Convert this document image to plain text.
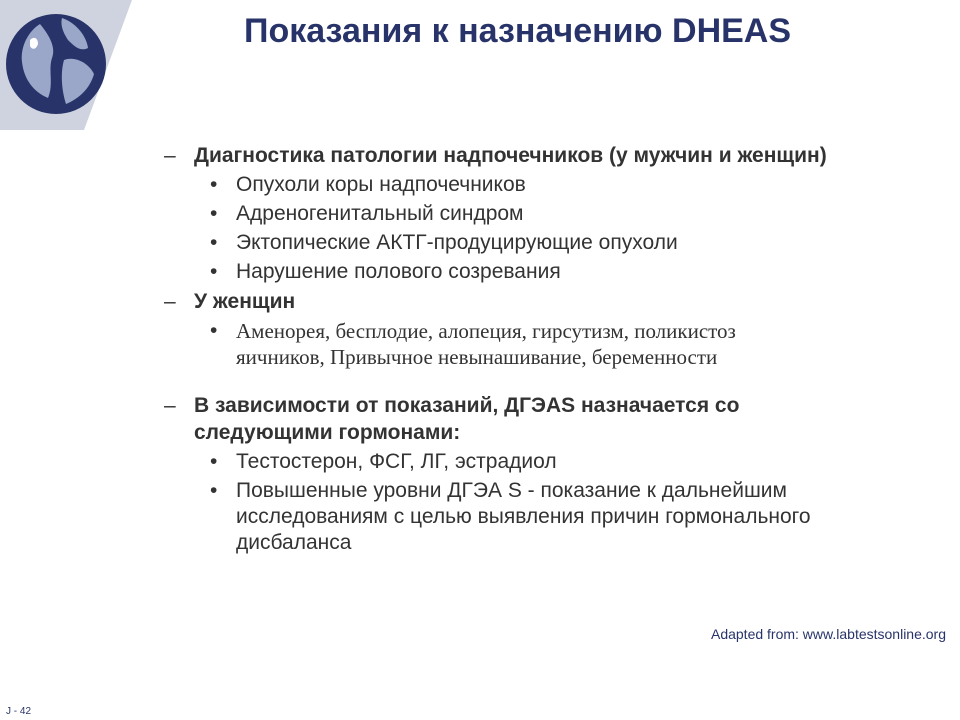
Показания к назначению DHEAS
– Диагностика патологии надпочечников (у мужчин и женщин)
• Опухоли коры надпочечников
• Адреногенитальный синдром
• Эктопические АКТГ-продуцирующие опухоли
• Нарушение полового созревания
– У женщин
• Аменорея, бесплодие, алопеция, гирсутизм, поликистоз яичников, Привычное невынашивание, беременности
– В зависимости от показаний, ДГЭАS назначается со следующими гормонами:
• Тестостерон, ФСГ, ЛГ, эстрадиол
• Повышенные уровни ДГЭА S - показание к дальнейшим исследованиям с целью выявления причин гормонального дисбаланса
Adapted from: www.labtestsonline.org
J - 42
